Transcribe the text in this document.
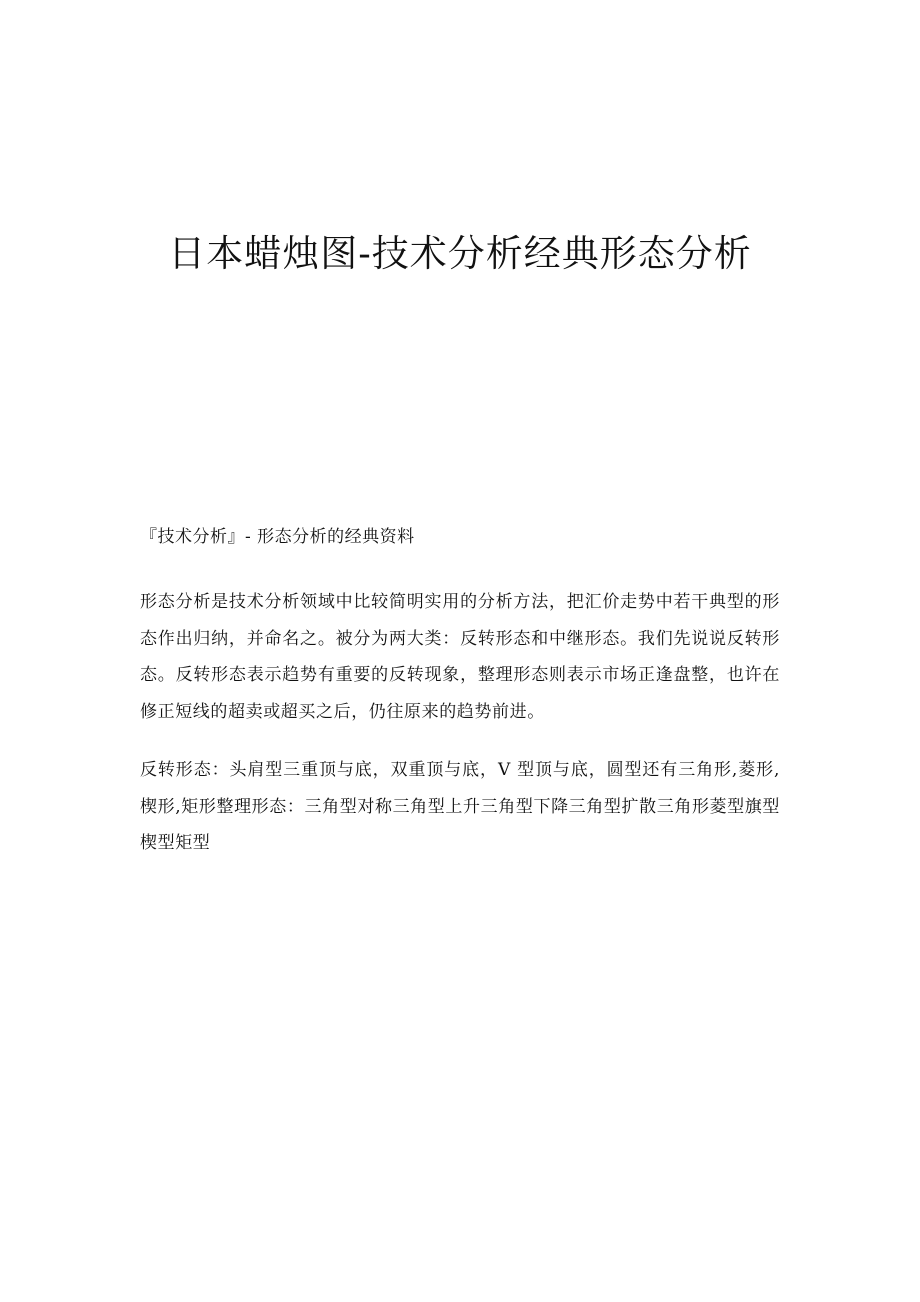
日本蜡烛图-技术分析经典形态分析

『技术分析』- 形态分析的经典资料

形态分析是技术分析领域中比较简明实用的分析方法，把汇价走势中若干典型的形态作出归纳，并命名之。被分为两大类：反转形态和中继形态。我们先说说反转形态。反转形态表示趋势有重要的反转现象，整理形态则表示市场正逢盘整，也许在修正短线的超卖或超买之后，仍往原来的趋势前进。

反转形态：头肩型三重顶与底，双重顶与底，V 型顶与底，圆型还有三角形,菱形,楔形,矩形整理形态：三角型对称三角型上升三角型下降三角型扩散三角形菱型旗型楔型矩型
